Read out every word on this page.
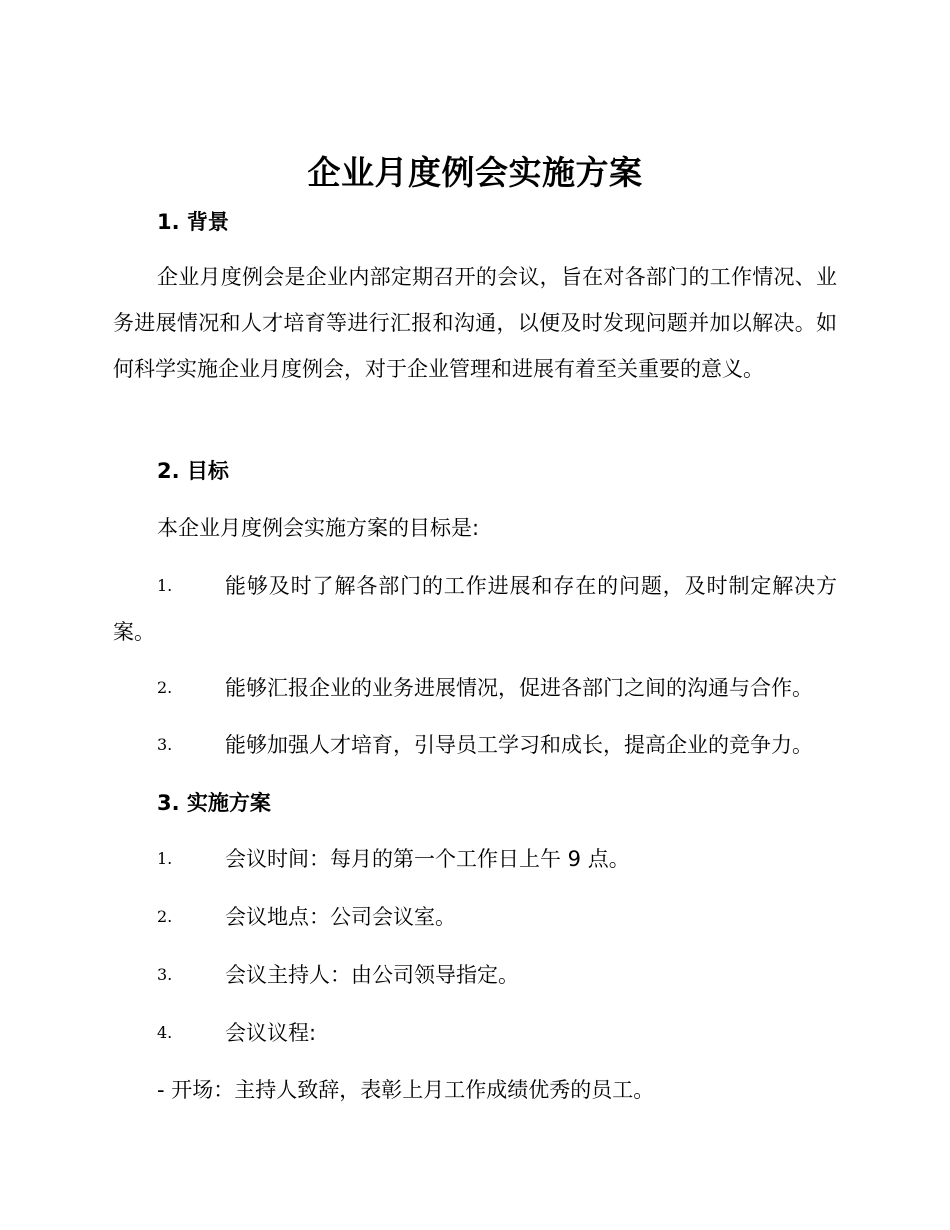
企业月度例会实施方案
1. 背景
企业月度例会是企业内部定期召开的会议，旨在对各部门的工作情况、业务进展情况和人才培育等进行汇报和沟通，以便及时发现问题并加以解决。如何科学实施企业月度例会，对于企业管理和进展有着至关重要的意义。
2. 目标
本企业月度例会实施方案的目标是:
1.	能够及时了解各部门的工作进展和存在的问题，及时制定解决方案。
2.	能够汇报企业的业务进展情况，促进各部门之间的沟通与合作。
3.	能够加强人才培育，引导员工学习和成长，提高企业的竞争力。
3. 实施方案
1.	会议时间：每月的第一个工作日上午 9 点。
2.	会议地点：公司会议室。
3.	会议主持人：由公司领导指定。
4.	会议议程:
- 开场：主持人致辞，表彰上月工作成绩优秀的员工。
